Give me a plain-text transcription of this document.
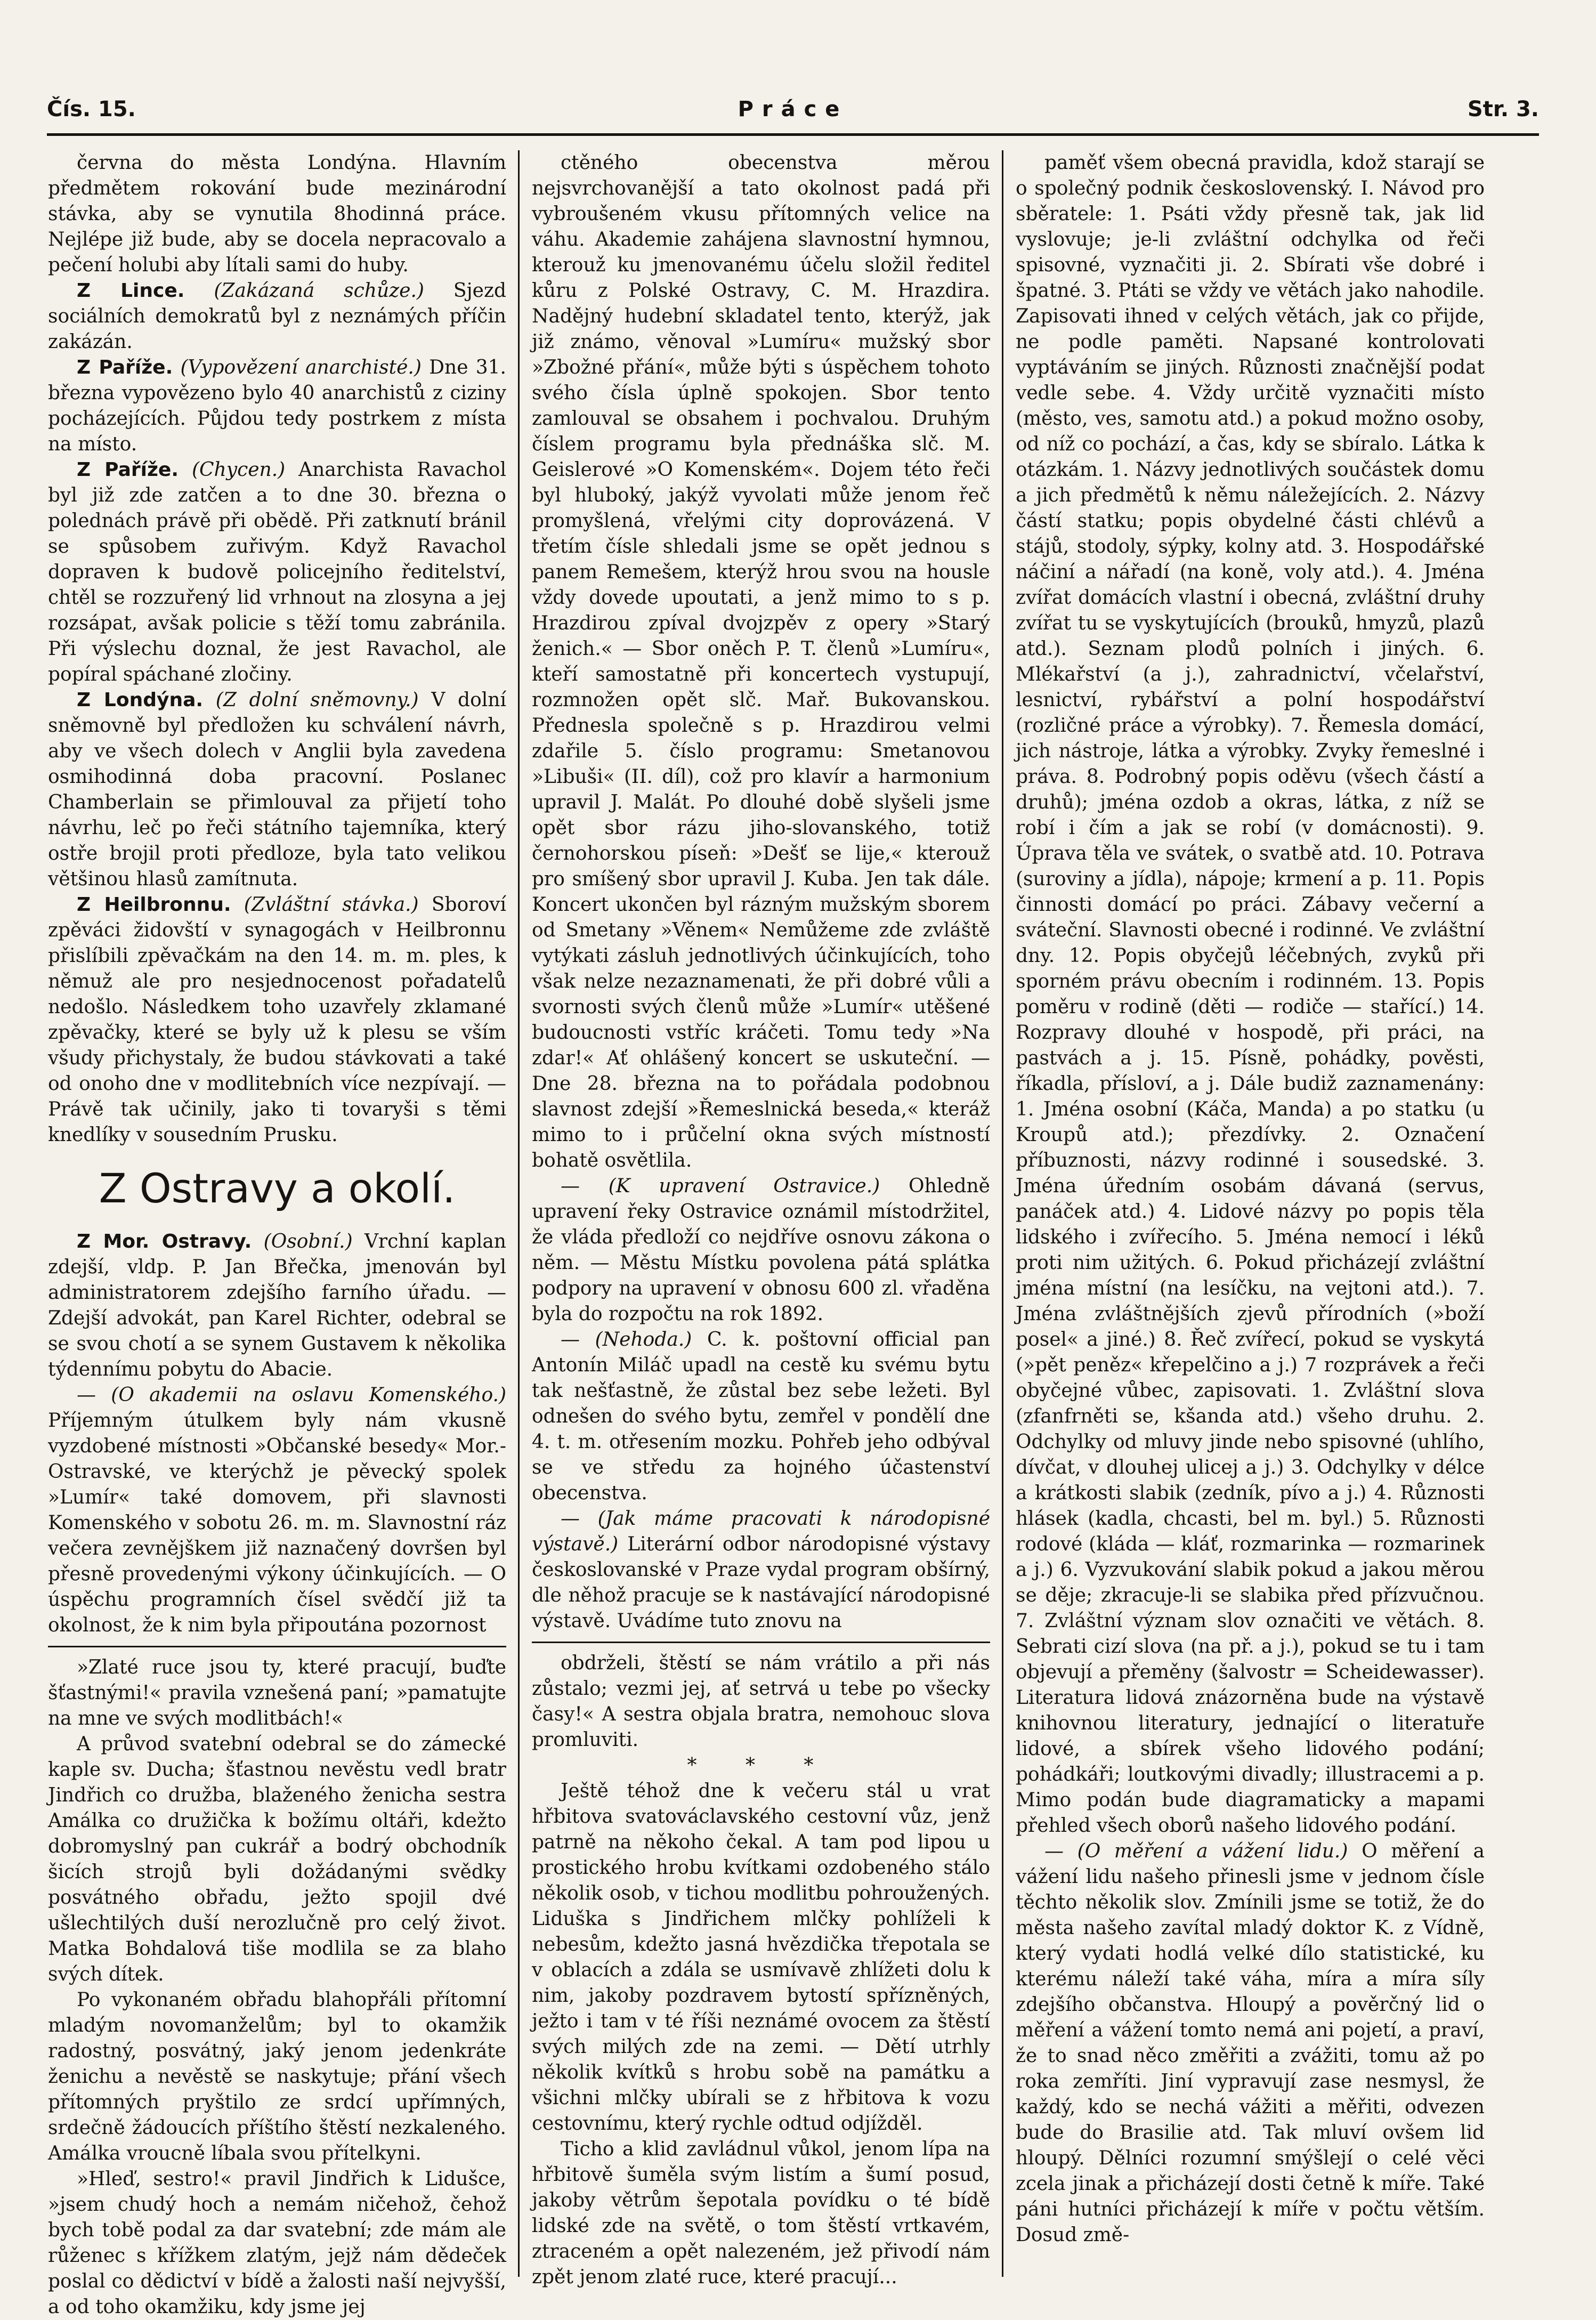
Čís. 15.	Práce	Str. 3.

června do města Londýna. Hlavním předmětem rokování bude mezinárodní stávka, aby se vynutila 8hodinná práce. Nejlépe již bude, aby se docela nepracovalo a pečení holubi aby lítali sami do huby.

Z Lince. (Zakázaná schůze.) Sjezd sociálních demokratů byl z neznámých příčin zakázán.

Z Paříže. (Vypovězení anarchisté.) Dne 31. března vypovězeno bylo 40 anarchistů z ciziny pocházejících. Půjdou tedy postrkem z místa na místo.

Z Paříže. (Chycen.) Anarchista Ravachol byl již zde zatčen a to dne 30. března o polednách právě při obědě. Při zatknutí bránil se spůsobem zuřivým. Když Ravachol dopraven k budově policejního ředitelství, chtěl se rozzuřený lid vrhnout na zlosyna a jej rozsápat, avšak policie s těží tomu zabránila. Při výslechu doznal, že jest Ravachol, ale popíral spáchané zločiny.

Z Londýna. (Z dolní sněmovny.) V dolní sněmovně byl předložen ku schválení návrh, aby ve všech dolech v Anglii byla zavedena osmihodinná doba pracovní. Poslanec Chamberlain se přimlouval za přijetí toho návrhu, leč po řeči státního tajemníka, který ostře brojil proti předloze, byla tato velikou většinou hlasů zamítnuta.

Z Heilbronnu. (Zvláštní stávka.) Sboroví zpěváci židovští v synagogách v Heilbronnu přislíbili zpěvačkám na den 14. m. m. ples, k němuž ale pro nesjednocenost pořadatelů nedošlo. Následkem toho uzavřely zklamané zpěvačky, které se byly už k plesu se vším všudy přichystaly, že budou stávkovati a také od onoho dne v modlitebních více nezpívají. — Právě tak učinily, jako ti tovaryši s těmi knedlíky v sousedním Prusku.

Z Ostravy a okolí.

Z Mor. Ostravy. (Osobní.) Vrchní kaplan zdejší, vldp. P. Jan Břečka, jmenován byl administratorem zdejšího farního úřadu. — Zdejší advokát, pan Karel Richter, odebral se se svou chotí a se synem Gustavem k několika týdennímu pobytu do Abacie.

— (O akademii na oslavu Komenského.) Příjemným útulkem byly nám vkusně vyzdobené místnosti »Občanské besedy« Mor.-Ostravské, ve kterýchž je pěvecký spolek »Lumír« také domovem, při slavnosti Komenského v sobotu 26. m. m. Slavnostní ráz večera zevnějškem již naznačený dovršen byl přesně provedenými výkony účinkujících. — O úspěchu programních čísel svědčí již ta okolnost, že k nim byla připoutána pozornost

»Zlaté ruce jsou ty, které pracují, buďte šťastnými!« pravila vznešená paní; »pamatujte na mne ve svých modlitbách!«

A průvod svatební odebral se do zámecké kaple sv. Ducha; šťastnou nevěstu vedl bratr Jindřich co družba, blaženého ženicha sestra Amálka co družička k božímu oltáři, kdežto dobromyslný pan cukrář a bodrý obchodník šicích strojů byli dožádanými svědky posvátného obřadu, ježto spojil dvé ušlechtilých duší nerozlučně pro celý život. Matka Bohdalová tiše modlila se za blaho svých dítek.

Po vykonaném obřadu blahopřáli přítomní mladým novomanželům; byl to okamžik radostný, posvátný, jaký jenom jedenkráte ženichu a nevěstě se naskytuje; přání všech přítomných pryštilo ze srdcí upřímných, srdečně žádoucích příštího štěstí nezkaleného. Amálka vroucně líbala svou přítelkyni.

»Hleď, sestro!« pravil Jindřich k Lidušce, »jsem chudý hoch a nemám ničehož, čehož bych tobě podal za dar svatební; zde mám ale růženec s křížkem zlatým, jejž nám dědeček poslal co dědictví v bídě a žalosti naší nejvyšší, a od toho okamžiku, kdy jsme jej

ctěného obecenstva měrou nejsvrchovanější a tato okolnost padá při vybroušeném vkusu přítomných velice na váhu. Akademie zahájena slavnostní hymnou, kterouž ku jmenovanému účelu složil ředitel kůru z Polské Ostravy, C. M. Hrazdira. Nadějný hudební skladatel tento, kterýž, jak již známo, věnoval »Lumíru« mužský sbor »Zbožné přání«, může býti s úspěchem tohoto svého čísla úplně spokojen. Sbor tento zamlouval se obsahem i pochvalou. Druhým číslem programu byla přednáška slč. M. Geislerové »O Komenském«. Dojem této řeči byl hluboký, jakýž vyvolati může jenom řeč promyšlená, vřelými city doprovázená. V třetím čísle shledali jsme se opět jednou s panem Remešem, kterýž hrou svou na housle vždy dovede upoutati, a jenž mimo to s p. Hrazdirou zpíval dvojzpěv z opery »Starý ženich.« — Sbor oněch P. T. členů »Lumíru«, kteří samostatně při koncertech vystupují, rozmnožen opět slč. Mař. Bukovanskou. Přednesla společně s p. Hrazdirou velmi zdařile 5. číslo programu: Smetanovou »Libuši« (II. díl), což pro klavír a harmonium upravil J. Malát. Po dlouhé době slyšeli jsme opět sbor rázu jiho-slovanského, totiž černohorskou píseň: »Dešť se lije,« kterouž pro smíšený sbor upravil J. Kuba. Jen tak dále. Koncert ukončen byl rázným mužským sborem od Smetany »Věnem« Nemůžeme zde zvláště vytýkati zásluh jednotlivých účinkujících, toho však nelze nezaznamenati, že při dobré vůli a svornosti svých členů může »Lumír« utěšené budoucnosti vstříc kráčeti. Tomu tedy »Na zdar!« Ať ohlášený koncert se uskuteční. — Dne 28. března na to pořádala podobnou slavnost zdejší »Řemeslnická beseda,« kteráž mimo to i průčelní okna svých místností bohatě osvětlila.

— (K upravení Ostravice.) Ohledně upravení řeky Ostravice oznámil místodržitel, že vláda předloží co nejdříve osnovu zákona o něm. — Městu Místku povolena pátá splátka podpory na upravení v obnosu 600 zl. vřaděna byla do rozpočtu na rok 1892.

— (Nehoda.) C. k. poštovní official pan Antonín Miláč upadl na cestě ku svému bytu tak nešťastně, že zůstal bez sebe ležeti. Byl odnešen do svého bytu, zemřel v pondělí dne 4. t. m. otřesením mozku. Pohřeb jeho odbýval se ve středu za hojného účastenství obecenstva.

— (Jak máme pracovati k národopisné výstavě.) Literární odbor národopisné výstavy českoslovanské v Praze vydal program obšírný, dle něhož pracuje se k nastávající národopisné výstavě. Uvádíme tuto znovu na

obdrželi, štěstí se nám vrátilo a při nás zůstalo; vezmi jej, ať setrvá u tebe po všecky časy!« A sestra objala bratra, nemohouc slova promluviti.

* * *

Ještě téhož dne k večeru stál u vrat hřbitova svatováclavského cestovní vůz, jenž patrně na někoho čekal. A tam pod lipou u prostického hrobu kvítkami ozdobeného stálo několik osob, v tichou modlitbu pohroužených. Liduška s Jindřichem mlčky pohlíželi k nebesům, kdežto jasná hvězdička třepotala se v oblacích a zdála se usmívavě zhlížeti dolu k nim, jakoby pozdravem bytostí spřízněných, ježto i tam v té říši neznámé ovocem za štěstí svých milých zde na zemi. — Dětí utrhly několik kvítků s hrobu sobě na památku a všichni mlčky ubírali se z hřbitova k vozu cestovnímu, který rychle odtud odjížděl.

Ticho a klid zavládnul vůkol, jenom lípa na hřbitově šuměla svým listím a šumí posud, jakoby větrům šepotala povídku o té bídě lidské zde na světě, o tom štěstí vrtkavém, ztraceném a opět nalezeném, jež přivodí nám zpět jenom zlaté ruce, které pracují...

paměť všem obecná pravidla, kdož starají se o společný podnik československý. I. Návod pro sběratele: 1. Psáti vždy přesně tak, jak lid vyslovuje; je-li zvláštní odchylka od řeči spisovné, vyznačiti ji. 2. Sbírati vše dobré i špatné. 3. Ptáti se vždy ve větách jako nahodile. Zapisovati ihned v celých větách, jak co přijde, ne podle paměti. Napsané kontrolovati vyptáváním se jiných. Různosti značnější podat vedle sebe. 4. Vždy určitě vyznačiti místo (město, ves, samotu atd.) a pokud možno osoby, od níž co pochází, a čas, kdy se sbíralo. Látka k otázkám. 1. Názvy jednotlivých součástek domu a jich předmětů k němu náležejících. 2. Názvy částí statku; popis obydelné části chlévů a stájů, stodoly, sýpky, kolny atd. 3. Hospodářské náčiní a nářadí (na koně, voly atd.). 4. Jména zvířat domácích vlastní i obecná, zvláštní druhy zvířat tu se vyskytujících (brouků, hmyzů, plazů atd.). Seznam plodů polních i jiných. 6. Mlékařství (a j.), zahradnictví, včelařství, lesnictví, rybářství a polní hospodářství (rozličné práce a výrobky). 7. Řemesla domácí, jich nástroje, látka a výrobky. Zvyky řemeslné i práva. 8. Podrobný popis oděvu (všech částí a druhů); jména ozdob a okras, látka, z níž se robí i čím a jak se robí (v domácnosti). 9. Úprava těla ve svátek, o svatbě atd. 10. Potrava (suroviny a jídla), nápoje; krmení a p. 11. Popis činnosti domácí po práci. Zábavy večerní a sváteční. Slavnosti obecné i rodinné. Ve zvláštní dny. 12. Popis obyčejů léčebných, zvyků při sporném právu obecním i rodinném. 13. Popis poměru v rodině (děti — rodiče — stařící.) 14. Rozpravy dlouhé v hospodě, při práci, na pastvách a j. 15. Písně, pohádky, pověsti, říkadla, přísloví, a j. Dále budiž zaznamenány: 1. Jména osobní (Káča, Manda) a po statku (u Kroupů atd.); přezdívky. 2. Označení příbuznosti, názvy rodinné i sousedské. 3. Jména úředním osobám dávaná (servus, panáček atd.) 4. Lidové názvy po popis těla lidského i zvířecího. 5. Jména nemocí i léků proti nim užitých. 6. Pokud přicházejí zvláštní jména místní (na lesíčku, na vejtoni atd.). 7. Jména zvláštnějších zjevů přírodních (»boží posel« a jiné.) 8. Řeč zvířecí, pokud se vyskytá (»pět peněz« křepelčino a j.) 7 rozprávek a řeči obyčejné vůbec, zapisovati. 1. Zvláštní slova (zfanfrněti se, kšanda atd.) všeho druhu. 2. Odchylky od mluvy jinde nebo spisovné (uhlího, dívčat, v dlouhej ulicej a j.) 3. Odchylky v délce a krátkosti slabik (zedník, pívo a j.) 4. Různosti hlásek (kadla, chcasti, bel m. byl.) 5. Různosti rodové (kláda — kláť, rozmarinka — rozmarinek a j.) 6. Vyzvukování slabik pokud a jakou měrou se děje; zkracuje-li se slabika před přízvučnou. 7. Zvláštní význam slov označiti ve větách. 8. Sebrati cizí slova (na př. a j.), pokud se tu i tam objevují a přeměny (šalvostr = Scheidewasser). Literatura lidová znázorněna bude na výstavě knihovnou literatury, jednající o literatuře lidové, a sbírek všeho lidového podání; pohádkáři; loutkovými divadly; illustracemi a p. Mimo podán bude diagramaticky a mapami přehled všech oborů našeho lidového podání.

— (O měření a vážení lidu.) O měření a vážení lidu našeho přinesli jsme v jednom čísle těchto několik slov. Zmínili jsme se totiž, že do města našeho zavítal mladý doktor K. z Vídně, který vydati hodlá velké dílo statistické, ku kterému náleží také váha, míra a míra síly zdejšího občanstva. Hloupý a pověrčný lid o měření a vážení tomto nemá ani pojetí, a praví, že to snad něco změřiti a zvážiti, tomu až po roka zemříti. Jiní vypravují zase nesmysl, že každý, kdo se nechá vážiti a měřiti, odvezen bude do Brasilie atd. Tak mluví ovšem lid hloupý. Dělníci rozumní smýšlejí o celé věci zcela jinak a přicházejí dosti četně k míře. Také páni hutníci přicházejí k míře v počtu větším. Dosud změ-
